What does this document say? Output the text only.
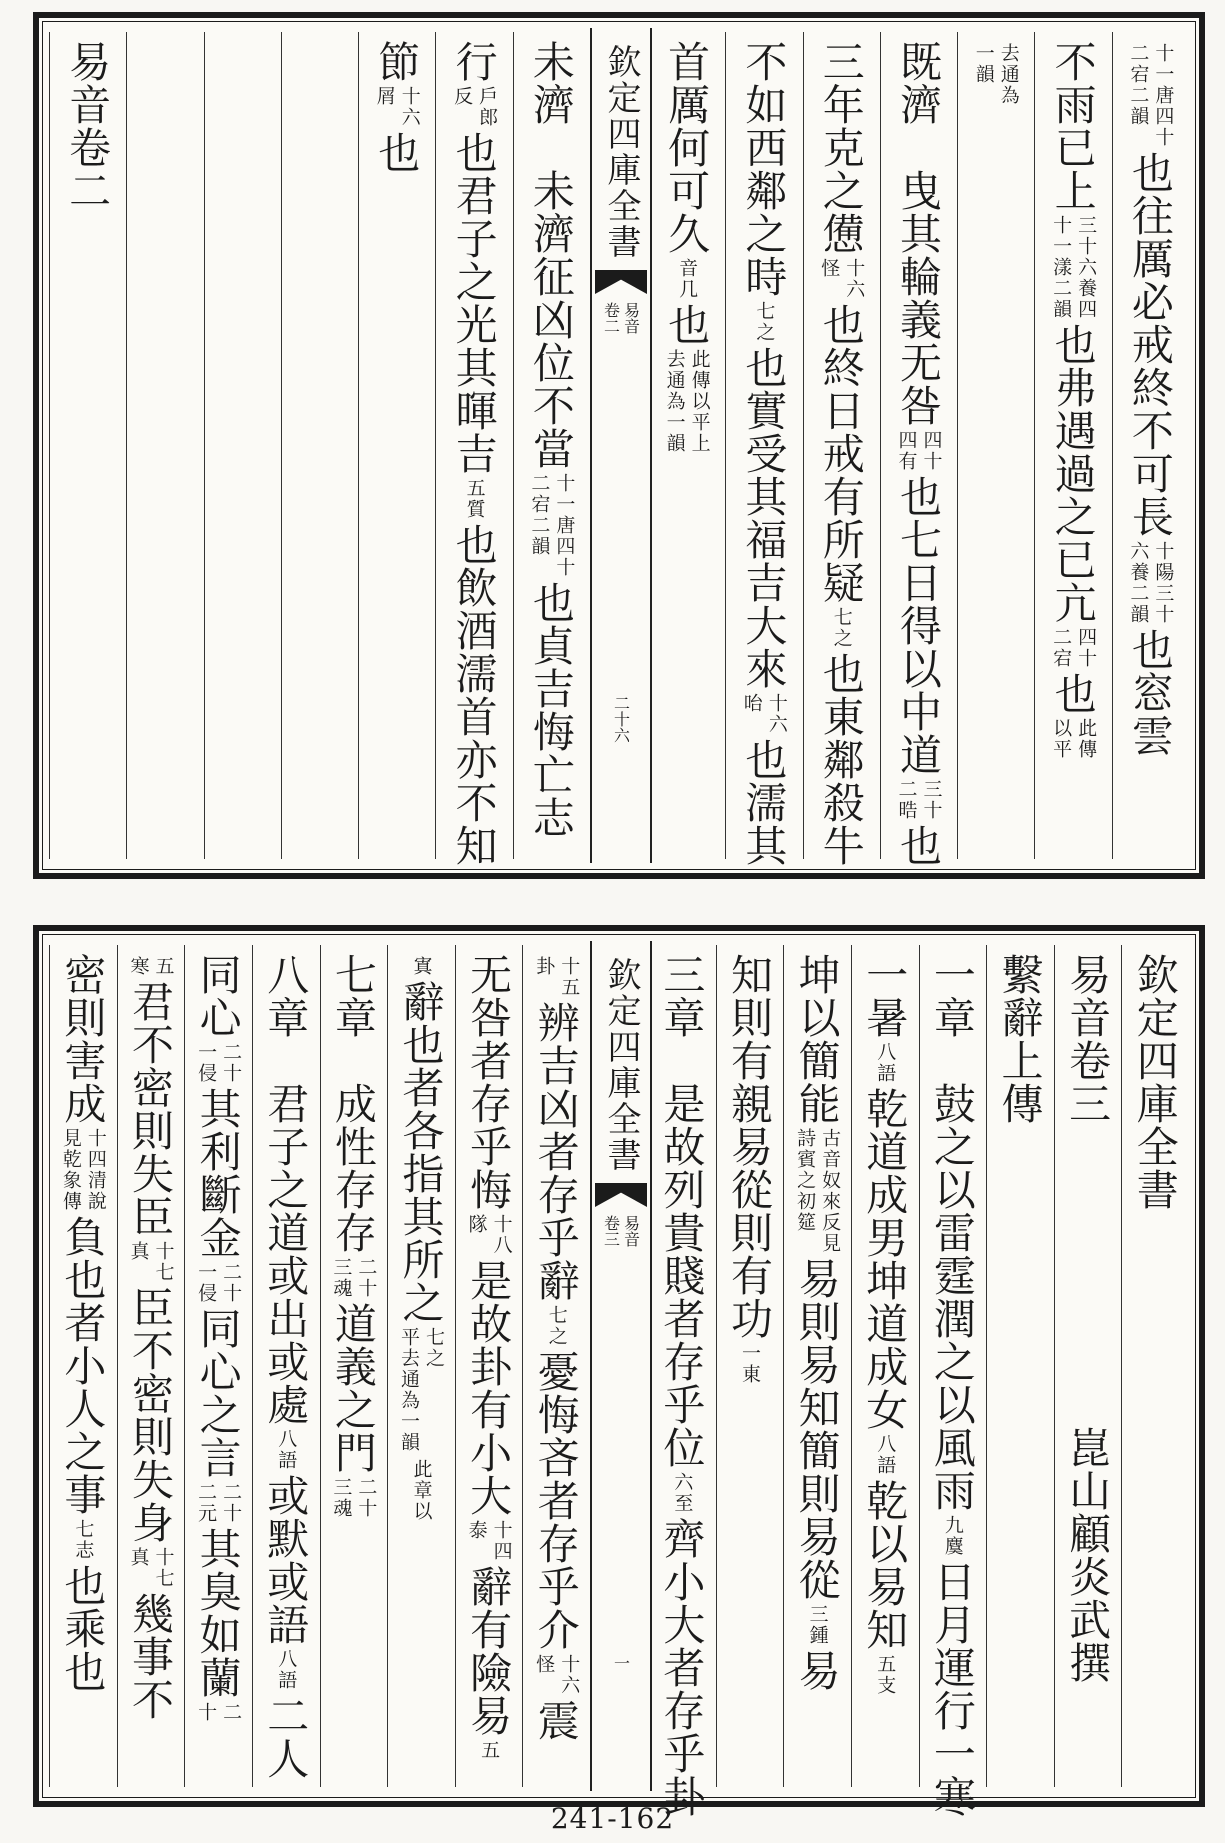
十一唐四十
二宕二韻
也往厲必戒終不可長
十陽三十
六養二韻
也窓雲
不雨已上
三十六養四
十一漾二韻
也弗遇過之已亢
四十
二宕
也
此傳
以平
去通為
一韻
既濟　曳其輪義无咎
四十
四有
也七日得以中道
三十
二晧
也
三年克之憊
十六
怪
也終日戒有所疑
七之
也東鄰殺牛
不如西鄰之時
七之
也實受其福吉大來
十六
咍
也濡其
首厲何可久
音几
也
此傳以平上
去通為一韻
欽定四庫全書
易音
卷二
二十六
未濟　未濟征凶位不當
十一唐四十
二宕二韻
也貞吉悔亡志
行
戶郎
反
也君子之光其暉吉
五質
也飲酒濡首亦不知
節
十六
屑
也
易音卷二
欽定四庫全書
易音卷三
　　　　　　　崑山顧炎武撰
繫辭上傳
一章　鼓之以雷霆潤之以風雨
九麌
日月運行一寒
一暑
八語
乾道成男坤道成女
八語
乾以易知
五支
坤以簡能
古音奴來反見
詩賓之初筵
易則易知簡則易從
三鍾
易
知則有親易從則有功
一東
三章　是故列貴賤者存乎位
六至
齊小大者存乎卦
欽定四庫全書
易音
卷三
一
十五
卦
辨吉凶者存乎辭
七之
憂悔吝者存乎介
十六
怪
震
无咎者存乎悔
十八
隊
是故卦有小大
十四
泰
辭有險易
五
寘
辭也者各指其所之
七之
平去通為一韻
此章以
七章　成性存存
二十
三魂
道義之門
二十
三魂
八章　君子之道或出或處
八語
或默或語
八語
二人
同心
二十
一侵
其利斷金
二十
一侵
同心之言
二十
二元
其臭如蘭
二
十
五
寒
君不密則失臣
十七
真
臣不密則失身
十七
真
幾事不
密則害成
十四清說
見乾象傳
負也者小人之事
七志
也乘也
241-162
